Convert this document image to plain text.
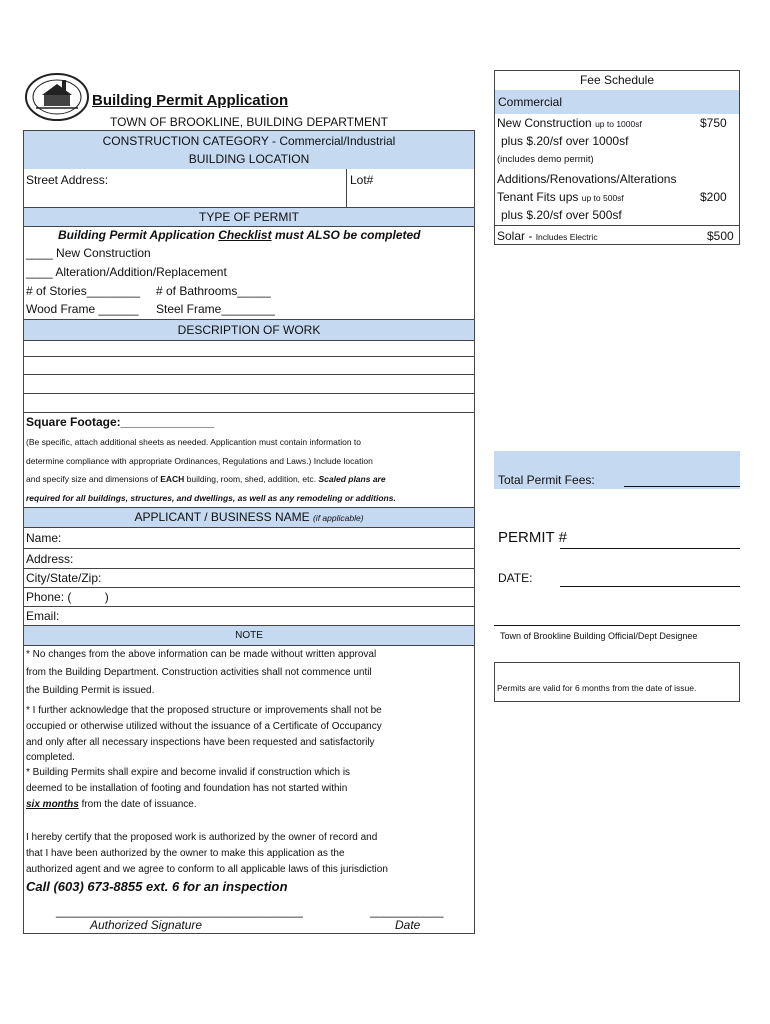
Building Permit Application
TOWN OF BROOKLINE, BUILDING DEPARTMENT
CONSTRUCTION CATEGORY - Commercial/Industrial
BUILDING LOCATION
Street Address:	Lot#
TYPE OF PERMIT
Building Permit Application Checklist must ALSO be completed
____ New Construction
____ Alteration/Addition/Replacement
# of Stories________ # of Bathrooms_____
Wood Frame ______ Steel Frame________
DESCRIPTION OF WORK
Square Footage:______________
(Be specific, attach additional sheets as needed. Applicantion must contain information to
determine compliance with appropriate Ordinances, Regulations and Laws.) Include location
and specify size and dimensions of EACH building, room, shed, addition, etc. Scaled plans are
required for all buildings, structures, and dwellings, as well as any remodeling or additions.
APPLICANT / BUSINESS NAME (if applicable)
Name:
Address:
City/State/Zip:
Phone: (          )
Email:
NOTE
* No changes from the above information can be made without written approval
from the Building Department. Construction activities shall not commence until
the Building Permit is issued.
* I further acknowledge that the proposed structure or improvements shall not be
occupied or otherwise utilized without the issuance of a Certificate of Occupancy
and only after all necessary inspections have been requested and satisfactorily
completed.
* Building Permits shall expire and become invalid if construction which is
deemed to be installation of footing and foundation has not started within
six months from the date of issuance.
I hereby certify that the proposed work is authorized by the owner of record and
that I have been authorized by the owner to make this application as the
authorized agent and we agree to conform to all applicable laws of this jurisdiction
Call (603) 673-8855 ext. 6 for an inspection
_____________________________________	___________
Authorized Signature	Date
Fee Schedule
Commercial
New Construction up to 1000sf	$750
plus $.20/sf over 1000sf
(includes demo permit)
Additions/Renovations/Alterations
Tenant Fits ups up to 500sf	$200
plus $.20/sf over 500sf
Solar - Includes Electric	$500
Total Permit Fees:
PERMIT #
DATE:
Town of Brookline Building Official/Dept Designee
Permits are valid for 6 months from the date of issue.
